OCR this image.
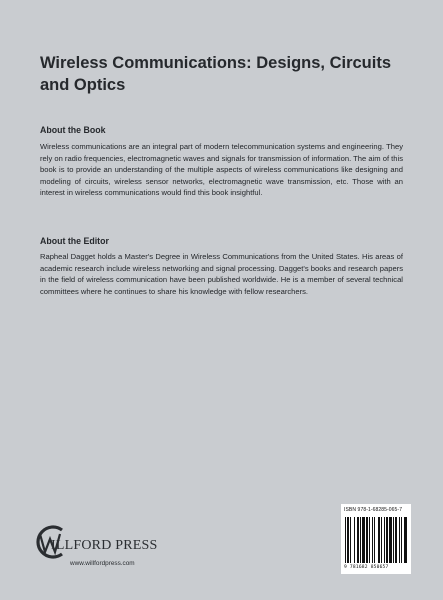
Wireless Communications: Designs, Circuits and Optics
About the Book

Wireless communications are an integral part of modern telecommunication systems and engineering. They rely on radio frequencies, electromagnetic waves and signals for transmission of information. The aim of this book is to provide an understanding of the multiple aspects of wireless communications like designing and modeling of circuits, wireless sensor networks, electromagnetic wave transmission, etc. Those with an interest in wireless communications would find this book insightful.

About the Editor

Rapheal Dagget holds a Master's Degree in Wireless Communications from the United States. His areas of academic research include wireless networking and signal processing. Dagget's books and research papers in the field of wireless communication have been published worldwide. He is a member of several technical committees where he continues to share his knowledge with fellow researchers.

ILLFORD PRESS
www.willfordpress.com
ISBN 978-1-68285-065-7
9 781682 850657
